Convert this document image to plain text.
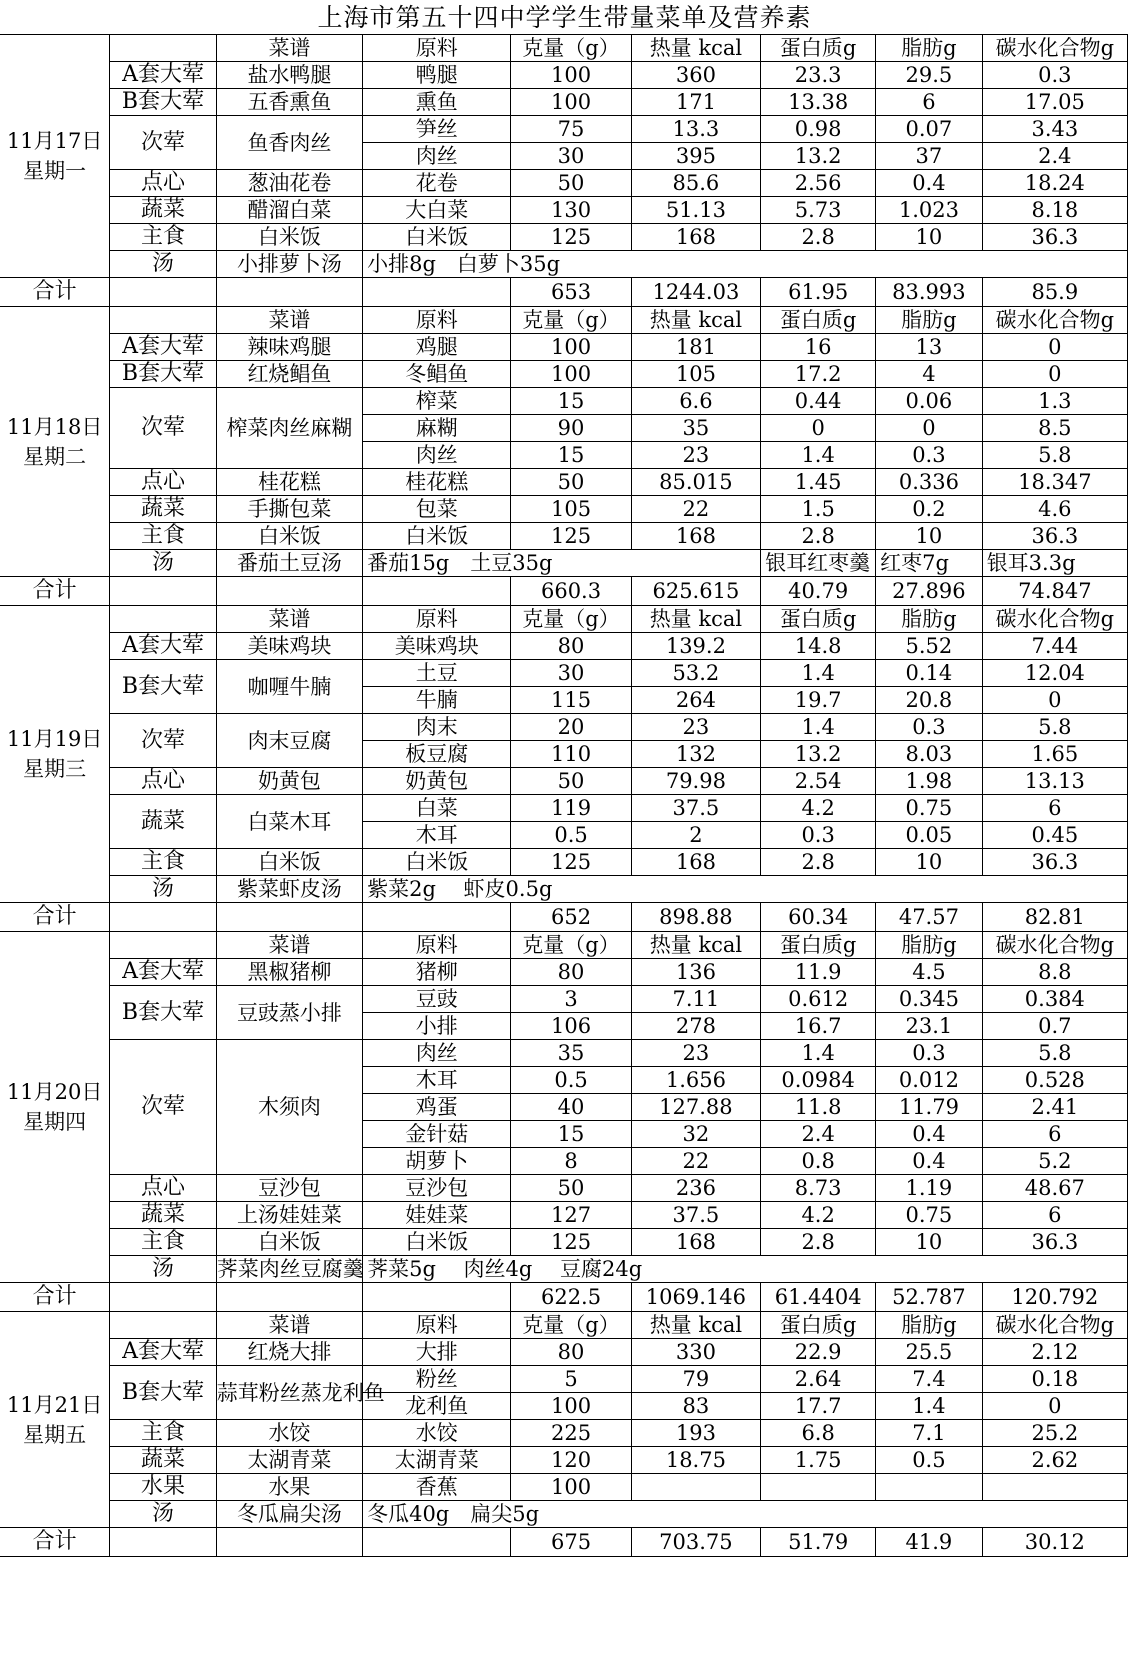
上海市第五十四中学学生带量菜单及营养素
11月17日
星期一		菜谱	原料	克量（g）	热量 kcal	蛋白质g	脂肪g	碳水化合物g
	A套大荤	盐水鸭腿	鸭腿	100	360	23.3	29.5	0.3
	B套大荤	五香熏鱼	熏鱼	100	171	13.38	6	17.05
	次荤	鱼香肉丝	笋丝	75	13.3	0.98	0.07	3.43
			肉丝	30	395	13.2	37	2.4
	点心	葱油花卷	花卷	50	85.6	2.56	0.4	18.24
	蔬菜	醋溜白菜	大白菜	130	51.13	5.73	1.023	8.18
	主食	白米饭	白米饭	125	168	2.8	10	36.3
	汤	小排萝卜汤	小排8g　白萝卜35g					
合计				653	1244.03	61.95	83.993	85.9

11月18日
星期二		菜谱	原料	克量（g）	热量 kcal	蛋白质g	脂肪g	碳水化合物g
	A套大荤	辣味鸡腿	鸡腿	100	181	16	13	0
	B套大荤	红烧鲳鱼	冬鲳鱼	100	105	17.2	4	0
	次荤	榨菜肉丝麻糊	榨菜	15	6.6	0.44	0.06	1.3
			麻糊	90	35	0	0	8.5
			肉丝	15	23	1.4	0.3	5.8
	点心	桂花糕	桂花糕	50	85.015	1.45	0.336	18.347
	蔬菜	手撕包菜	包菜	105	22	1.5	0.2	4.6
	主食	白米饭	白米饭	125	168	2.8	10	36.3
	汤	番茄土豆汤	番茄15g　土豆35g			银耳红枣羹	红枣7g	银耳3.3g
合计				660.3	625.615	40.79	27.896	74.847

11月19日
星期三		菜谱	原料	克量（g）	热量 kcal	蛋白质g	脂肪g	碳水化合物g
	A套大荤	美味鸡块	美味鸡块	80	139.2	14.8	5.52	7.44
	B套大荤	咖喱牛腩	土豆	30	53.2	1.4	0.14	12.04
			牛腩	115	264	19.7	20.8	0
	次荤	肉末豆腐	肉末	20	23	1.4	0.3	5.8
			板豆腐	110	132	13.2	8.03	1.65
	点心	奶黄包	奶黄包	50	79.98	2.54	1.98	13.13
	蔬菜	白菜木耳	白菜	119	37.5	4.2	0.75	6
			木耳	0.5	2	0.3	0.05	0.45
	主食	白米饭	白米饭	125	168	2.8	10	36.3
	汤	紫菜虾皮汤	紫菜2g　 虾皮0.5g					
合计				652	898.88	60.34	47.57	82.81

11月20日
星期四		菜谱	原料	克量（g）	热量 kcal	蛋白质g	脂肪g	碳水化合物g
	A套大荤	黑椒猪柳	猪柳	80	136	11.9	4.5	8.8
	B套大荤	豆豉蒸小排	豆豉	3	7.11	0.612	0.345	0.384
			小排	106	278	16.7	23.1	0.7
	次荤	木须肉	肉丝	35	23	1.4	0.3	5.8
			木耳	0.5	1.656	0.0984	0.012	0.528
			鸡蛋	40	127.88	11.8	11.79	2.41
			金针菇	15	32	2.4	0.4	6
			胡萝卜	8	22	0.8	0.4	5.2
	点心	豆沙包	豆沙包	50	236	8.73	1.19	48.67
	蔬菜	上汤娃娃菜	娃娃菜	127	37.5	4.2	0.75	6
	主食	白米饭	白米饭	125	168	2.8	10	36.3
	汤	荠菜肉丝豆腐羹	荠菜5g　 肉丝4g　 豆腐24g					
合计				622.5	1069.146	61.4404	52.787	120.792

11月21日
星期五		菜谱	原料	克量（g）	热量 kcal	蛋白质g	脂肪g	碳水化合物g
	A套大荤	红烧大排	大排	80	330	22.9	25.5	2.12
	B套大荤	蒜茸粉丝蒸龙利鱼	粉丝	5	79	2.64	7.4	0.18
			龙利鱼	100	83	17.7	1.4	0
	主食	水饺	水饺	225	193	6.8	7.1	25.2
	蔬菜	太湖青菜	太湖青菜	120	18.75	1.75	0.5	2.62
	水果	水果	香蕉	100				
	汤	冬瓜扁尖汤	冬瓜40g　扁尖5g					
合计				675	703.75	51.79	41.9	30.12
